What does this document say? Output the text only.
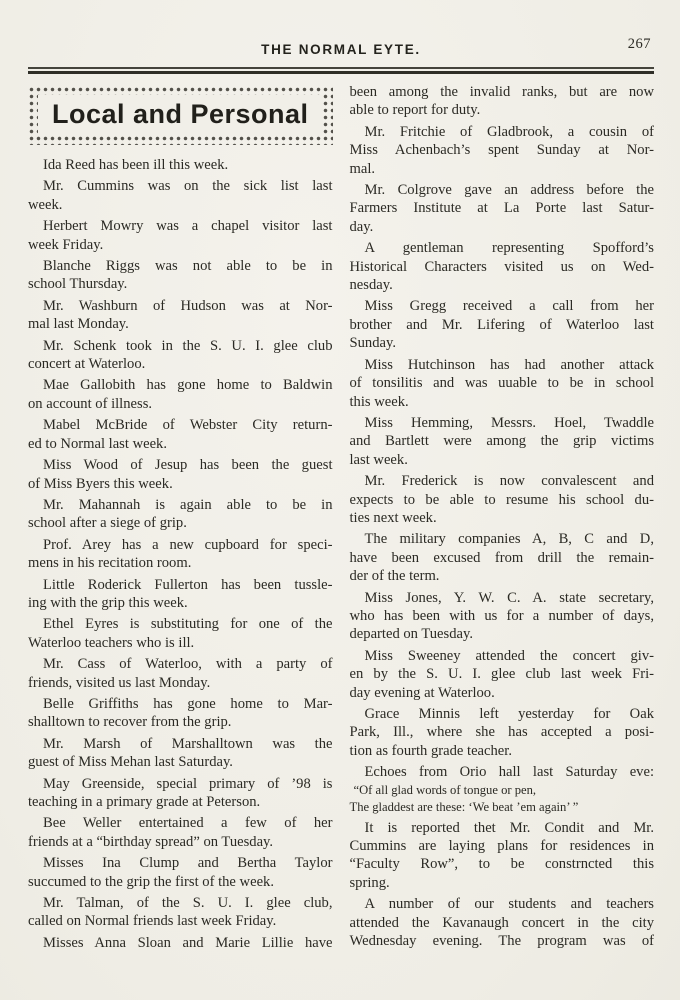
THE NORMAL EYTE.	267
Local and Personal

Ida Reed has been ill this week.

Mr. Cummins was on the sick list last
week.

Herbert Mowry was a chapel visitor last
week Friday.

Blanche Riggs was not able to be in
school Thursday.

Mr. Washburn of Hudson was at Nor-
mal last Monday.

Mr. Schenk took in the S. U. I. glee club
concert at Waterloo.

Mae Gallobith has gone home to Baldwin
on account of illness.

Mabel McBride of Webster City return-
ed to Normal last week.

Miss Wood of Jesup has been the guest
of Miss Byers this week.

Mr. Mahannah is again able to be in
school after a siege of grip.

Prof. Arey has a new cupboard for speci-
mens in his recitation room.

Little Roderick Fullerton has been tussle-
ing with the grip this week.

Ethel Eyres is substituting for one of the
Waterloo teachers who is ill.

Mr. Cass of Waterloo, with a party of
friends, visited us last Monday.

Belle Griffiths has gone home to Mar-
shalltown to recover from the grip.

Mr. Marsh of Marshalltown was the
guest of Miss Mehan last Saturday.

May Greenside, special primary of ’98 is
teaching in a primary grade at Peterson.

Bee Weller entertained a few of her
friends at a “birthday spread” on Tuesday.

Misses Ina Clump and Bertha Taylor
succumed to the grip the first of the week.

Mr. Talman, of the S. U. I. glee club,
called on Normal friends last week Friday.

Misses Anna Sloan and Marie Lillie have

been among the invalid ranks, but are now
able to report for duty.

Mr. Fritchie of Gladbrook, a cousin of
Miss Achenbach’s spent Sunday at Nor-
mal.

Mr. Colgrove gave an address before the
Farmers Institute at La Porte last Satur-
day.

A gentleman representing Spofford’s
Historical Characters visited us on Wed-
nesday.

Miss Gregg received a call from her
brother and Mr. Lifering of Waterloo last
Sunday.

Miss Hutchinson has had another attack
of tonsilitis and was uuable to be in school
this week.

Miss Hemming, Messrs. Hoel, Twaddle
and Bartlett were among the grip victims
last week.

Mr. Frederick is now convalescent and
expects to be able to resume his school du-
ties next week.

The military companies A, B, C and D,
have been excused from drill the remain-
der of the term.

Miss Jones, Y. W. C. A. state secretary,
who has been with us for a number of days,
departed on Tuesday.

Miss Sweeney attended the concert giv-
en by the S. U. I. glee club last week Fri-
day evening at Waterloo.

Grace Minnis left yesterday for Oak
Park, Ill., where she has accepted a posi-
tion as fourth grade teacher.

Echoes from Orio hall last Saturday eve:
“Of all glad words of tongue or pen,
The gladdest are these: ‘We beat ’em again’ ”

It is reported thet Mr. Condit and Mr.
Cummins are laying plans for residences in
“Faculty Row”, to be constrncted this
spring.

A number of our students and teachers
attended the Kavanaugh concert in the city
Wednesday evening. The program was of
